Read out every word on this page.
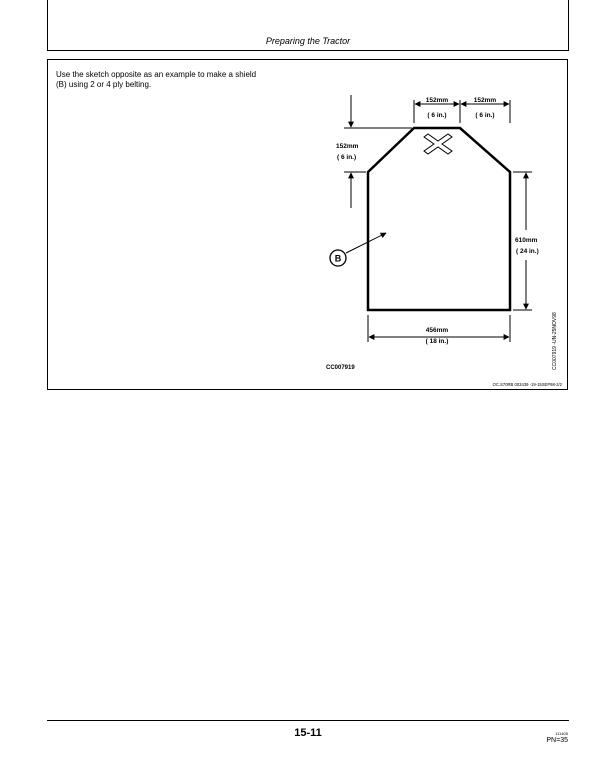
Preparing the Tractor
Use the sketch opposite as an example to make a shield
(B) using 2 or 4 ply belting.
152mm
( 6 in.)
152mm
( 6 in.)
152mm
( 6 in.)
610mm
( 24 in.)
456mm
( 18 in.)
B
CC007919	CC007919 -UN-25NOV98
OC.S70RB 003439 -19-15SEP98-2/2
15-11	111405
PN=35
